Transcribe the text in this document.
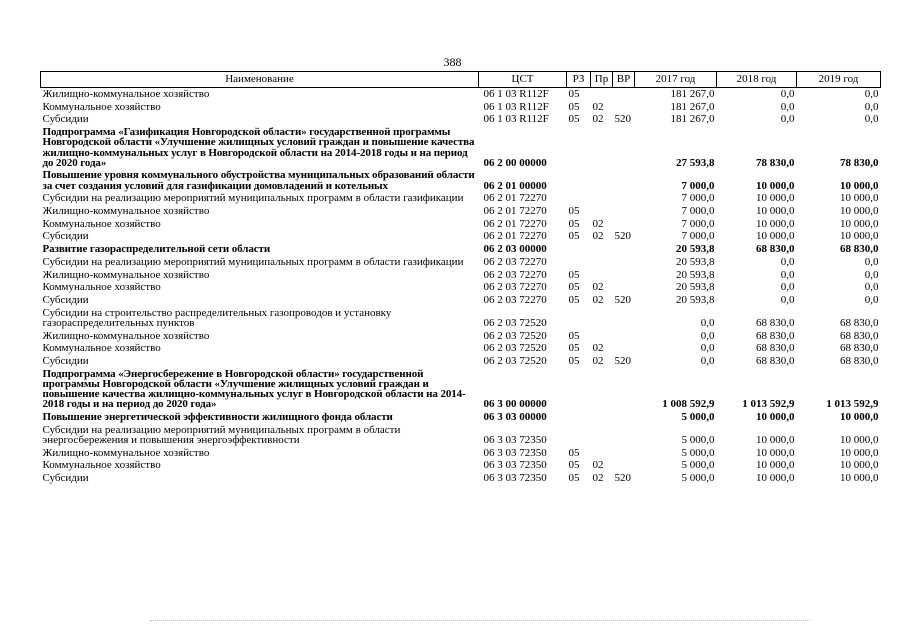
388
Наименование	ЦСТ	РЗ	Пр	ВР	2017 год	2018 год	2019 год
Жилищно-коммунальное хозяйство	06 1 03 R112F	05			181 267,0	0,0	0,0
Коммунальное хозяйство	06 1 03 R112F	05	02		181 267,0	0,0	0,0
Субсидии	06 1 03 R112F	05	02	520	181 267,0	0,0	0,0
Подпрограмма «Газификация Новгородской области» государственной программы Новгородской области «Улучшение жилищных условий граждан и повышение качества жилищно-коммунальных услуг в Новгородской области на 2014-2018 годы и на период до 2020 года»	06 2 00 00000				27 593,8	78 830,0	78 830,0
Повышение уровня коммунального обустройства муниципальных образований области за счет создания условий для газификации домовладений и котельных	06 2 01 00000				7 000,0	10 000,0	10 000,0
Субсидии на реализацию мероприятий муниципальных программ в области газификации	06 2 01 72270				7 000,0	10 000,0	10 000,0
Жилищно-коммунальное хозяйство	06 2 01 72270	05			7 000,0	10 000,0	10 000,0
Коммунальное хозяйство	06 2 01 72270	05	02		7 000,0	10 000,0	10 000,0
Субсидии	06 2 01 72270	05	02	520	7 000,0	10 000,0	10 000,0
Развитие газораспределительной сети области	06 2 03 00000				20 593,8	68 830,0	68 830,0
Субсидии на реализацию мероприятий муниципальных программ в области газификации	06 2 03 72270				20 593,8	0,0	0,0
Жилищно-коммунальное хозяйство	06 2 03 72270	05			20 593,8	0,0	0,0
Коммунальное хозяйство	06 2 03 72270	05	02		20 593,8	0,0	0,0
Субсидии	06 2 03 72270	05	02	520	20 593,8	0,0	0,0
Субсидии на строительство распределительных газопроводов и установку газораспределительных пунктов	06 2 03 72520				0,0	68 830,0	68 830,0
Жилищно-коммунальное хозяйство	06 2 03 72520	05			0,0	68 830,0	68 830,0
Коммунальное хозяйство	06 2 03 72520	05	02		0,0	68 830,0	68 830,0
Субсидии	06 2 03 72520	05	02	520	0,0	68 830,0	68 830,0
Подпрограмма «Энергосбережение в Новгородской области» государственной программы Новгородской области «Улучшение жилищных условий граждан и повышение качества жилищно-коммунальных услуг в Новгородской области на 2014-2018 годы и на период до 2020 года»	06 3 00 00000				1 008 592,9	1 013 592,9	1 013 592,9
Повышение энергетической эффективности жилищного фонда области	06 3 03 00000				5 000,0	10 000,0	10 000,0
Субсидии на реализацию мероприятий муниципальных программ в области энергосбережения и повышения энергоэффективности	06 3 03 72350				5 000,0	10 000,0	10 000,0
Жилищно-коммунальное хозяйство	06 3 03 72350	05			5 000,0	10 000,0	10 000,0
Коммунальное хозяйство	06 3 03 72350	05	02		5 000,0	10 000,0	10 000,0
Субсидии	06 3 03 72350	05	02	520	5 000,0	10 000,0	10 000,0
